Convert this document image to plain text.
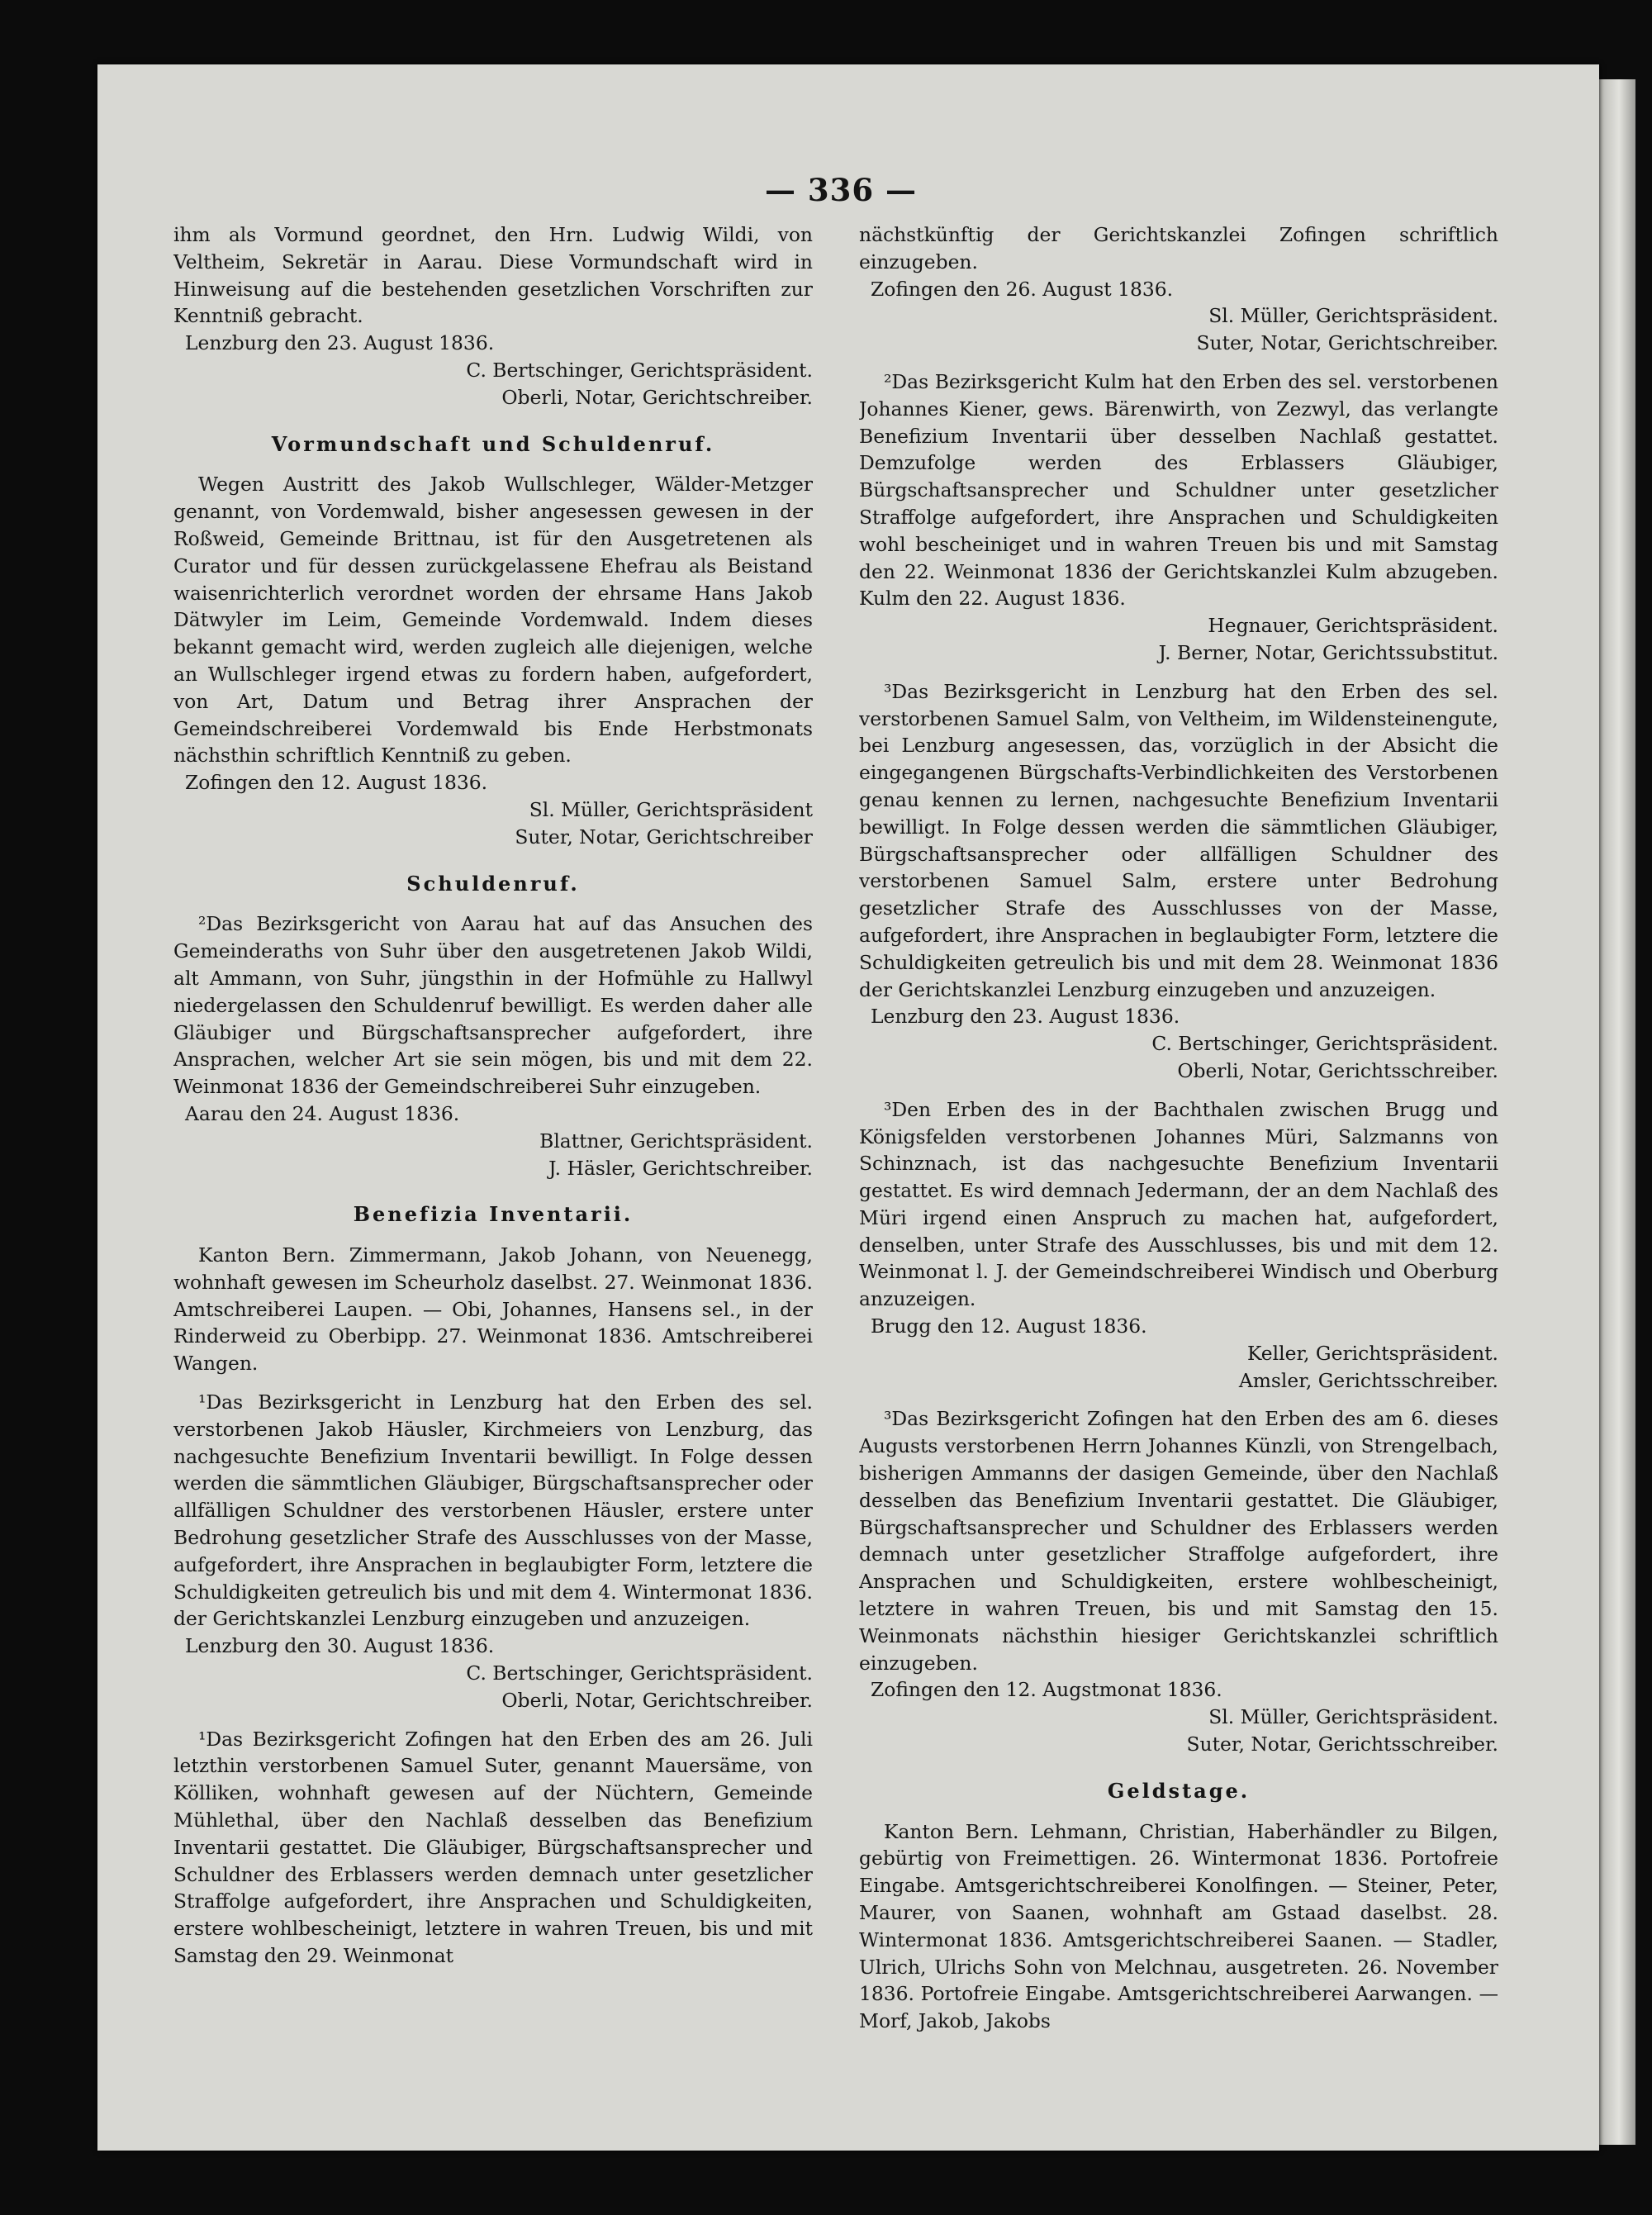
— 336 —

ihm als Vormund geordnet, den Hrn. Ludwig Wildi, von Veltheim, Sekretär in Aarau. Diese Vormundschaft wird in Hinweisung auf die bestehenden gesetzlichen Vorschriften zur Kenntniß gebracht.

Lenzburg den 23. August 1836.

C. Bertschinger, Gerichtspräsident.

Oberli, Notar, Gerichtschreiber.

Vormundschaft und Schuldenruf.

Wegen Austritt des Jakob Wullschleger, Wälder-Metzger genannt, von Vordemwald, bisher angesessen gewesen in der Roßweid, Gemeinde Brittnau, ist für den Ausgetretenen als Curator und für dessen zurückgelassene Ehefrau als Beistand waisenrichterlich verordnet worden der ehrsame Hans Jakob Dätwyler im Leim, Gemeinde Vordemwald. Indem dieses bekannt gemacht wird, werden zugleich alle diejenigen, welche an Wullschleger irgend etwas zu fordern haben, aufgefordert, von Art, Datum und Betrag ihrer Ansprachen der Gemeindschreiberei Vordemwald bis Ende Herbstmonats nächsthin schriftlich Kenntniß zu geben.

Zofingen den 12. August 1836.

Sl. Müller, Gerichtspräsident

Suter, Notar, Gerichtschreiber

Schuldenruf.

²Das Bezirksgericht von Aarau hat auf das Ansuchen des Gemeinderaths von Suhr über den ausgetretenen Jakob Wildi, alt Ammann, von Suhr, jüngsthin in der Hofmühle zu Hallwyl niedergelassen den Schuldenruf bewilligt. Es werden daher alle Gläubiger und Bürgschaftsansprecher aufgefordert, ihre Ansprachen, welcher Art sie sein mögen, bis und mit dem 22. Weinmonat 1836 der Gemeindschreiberei Suhr einzugeben.

Aarau den 24. August 1836.

Blattner, Gerichtspräsident.

J. Häsler, Gerichtschreiber.

Benefizia Inventarii.

Kanton Bern. Zimmermann, Jakob Johann, von Neuenegg, wohnhaft gewesen im Scheurholz daselbst. 27. Weinmonat 1836. Amtschreiberei Laupen. — Obi, Johannes, Hansens sel., in der Rinderweid zu Oberbipp. 27. Weinmonat 1836. Amtschreiberei Wangen.

¹Das Bezirksgericht in Lenzburg hat den Erben des sel. verstorbenen Jakob Häusler, Kirchmeiers von Lenzburg, das nachgesuchte Benefizium Inventarii bewilligt. In Folge dessen werden die sämmtlichen Gläubiger, Bürgschaftsansprecher oder allfälligen Schuldner des verstorbenen Häusler, erstere unter Bedrohung gesetzlicher Strafe des Ausschlusses von der Masse, aufgefordert, ihre Ansprachen in beglaubigter Form, letztere die Schuldigkeiten getreulich bis und mit dem 4. Wintermonat 1836. der Gerichtskanzlei Lenzburg einzugeben und anzuzeigen.

Lenzburg den 30. August 1836.

C. Bertschinger, Gerichtspräsident.

Oberli, Notar, Gerichtschreiber.

¹Das Bezirksgericht Zofingen hat den Erben des am 26. Juli letzthin verstorbenen Samuel Suter, genannt Mauersäme, von Kölliken, wohnhaft gewesen auf der Nüchtern, Gemeinde Mühlethal, über den Nachlaß desselben das Benefizium Inventarii gestattet. Die Gläubiger, Bürgschaftsansprecher und Schuldner des Erblassers werden demnach unter gesetzlicher Straffolge aufgefordert, ihre Ansprachen und Schuldigkeiten, erstere wohlbescheinigt, letztere in wahren Treuen, bis und mit Samstag den 29. Weinmonat

nächstkünftig der Gerichtskanzlei Zofingen schriftlich einzugeben.

Zofingen den 26. August 1836.

Sl. Müller, Gerichtspräsident.

Suter, Notar, Gerichtschreiber.

²Das Bezirksgericht Kulm hat den Erben des sel. verstorbenen Johannes Kiener, gews. Bärenwirth, von Zezwyl, das verlangte Benefizium Inventarii über desselben Nachlaß gestattet. Demzufolge werden des Erblassers Gläubiger, Bürgschaftsansprecher und Schuldner unter gesetzlicher Straffolge aufgefordert, ihre Ansprachen und Schuldigkeiten wohl bescheiniget und in wahren Treuen bis und mit Samstag den 22. Weinmonat 1836 der Gerichtskanzlei Kulm abzugeben. Kulm den 22. August 1836.

Hegnauer, Gerichtspräsident.

J. Berner, Notar, Gerichtssubstitut.

³Das Bezirksgericht in Lenzburg hat den Erben des sel. verstorbenen Samuel Salm, von Veltheim, im Wildensteinengute, bei Lenzburg angesessen, das, vorzüglich in der Absicht die eingegangenen Bürgschafts-Verbindlichkeiten des Verstorbenen genau kennen zu lernen, nachgesuchte Benefizium Inventarii bewilligt. In Folge dessen werden die sämmtlichen Gläubiger, Bürgschaftsansprecher oder allfälligen Schuldner des verstorbenen Samuel Salm, erstere unter Bedrohung gesetzlicher Strafe des Ausschlusses von der Masse, aufgefordert, ihre Ansprachen in beglaubigter Form, letztere die Schuldigkeiten getreulich bis und mit dem 28. Weinmonat 1836 der Gerichtskanzlei Lenzburg einzugeben und anzuzeigen.

Lenzburg den 23. August 1836.

C. Bertschinger, Gerichtspräsident.

Oberli, Notar, Gerichtsschreiber.

³Den Erben des in der Bachthalen zwischen Brugg und Königsfelden verstorbenen Johannes Müri, Salzmanns von Schinznach, ist das nachgesuchte Benefizium Inventarii gestattet. Es wird demnach Jedermann, der an dem Nachlaß des Müri irgend einen Anspruch zu machen hat, aufgefordert, denselben, unter Strafe des Ausschlusses, bis und mit dem 12. Weinmonat l. J. der Gemeindschreiberei Windisch und Oberburg anzuzeigen.

Brugg den 12. August 1836.

Keller, Gerichtspräsident.

Amsler, Gerichtsschreiber.

³Das Bezirksgericht Zofingen hat den Erben des am 6. dieses Augusts verstorbenen Herrn Johannes Künzli, von Strengelbach, bisherigen Ammanns der dasigen Gemeinde, über den Nachlaß desselben das Benefizium Inventarii gestattet. Die Gläubiger, Bürgschaftsansprecher und Schuldner des Erblassers werden demnach unter gesetzlicher Straffolge aufgefordert, ihre Ansprachen und Schuldigkeiten, erstere wohlbescheinigt, letztere in wahren Treuen, bis und mit Samstag den 15. Weinmonats nächsthin hiesiger Gerichtskanzlei schriftlich einzugeben.

Zofingen den 12. Augstmonat 1836.

Sl. Müller, Gerichtspräsident.

Suter, Notar, Gerichtsschreiber.

Geldstage.

Kanton Bern. Lehmann, Christian, Haberhändler zu Bilgen, gebürtig von Freimettigen. 26. Wintermonat 1836. Portofreie Eingabe. Amtsgerichtschreiberei Konolfingen. — Steiner, Peter, Maurer, von Saanen, wohnhaft am Gstaad daselbst. 28. Wintermonat 1836. Amtsgerichtschreiberei Saanen. — Stadler, Ulrich, Ulrichs Sohn von Melchnau, ausgetreten. 26. November 1836. Portofreie Eingabe. Amtsgerichtschreiberei Aarwangen. — Morf, Jakob, Jakobs
